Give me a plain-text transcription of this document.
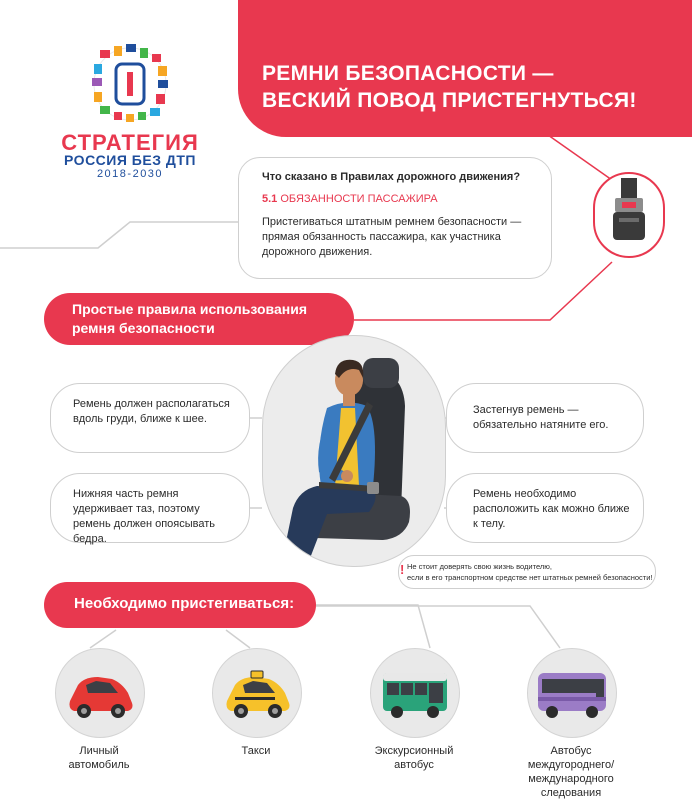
РЕМНИ БЕЗОПАСНОСТИ —
ВЕСКИЙ ПОВОД ПРИСТЕГНУТЬСЯ!
СТРАТЕГИЯ
РОССИЯ БЕЗ ДТП
2018-2030	Что сказано в Правилах дорожного движения?
5.1 ОБЯЗАННОСТИ ПАССАЖИРА
Пристегиваться штатным ремнем безопасности — прямая обязанность пассажира, как участника дорожного движения.
Простые правила использования
ремня безопасности
Ремень должен располагаться вдоль груди, ближе к шее.
Нижняя часть ремня удерживает таз, поэтому ремень должен опоясывать бедра.
Застегнув ремень — обязательно натяните его.
Ремень необходимо расположить как можно ближе к телу.
! Не стоит доверять свою жизнь водителю,
если в его транспортном средстве нет штатных ремней безопасности!
Необходимо пристегиваться:
Личный
автомобиль
Такси	Экскурсионный
автобус
Автобус
междугороднего/
международного
следования
